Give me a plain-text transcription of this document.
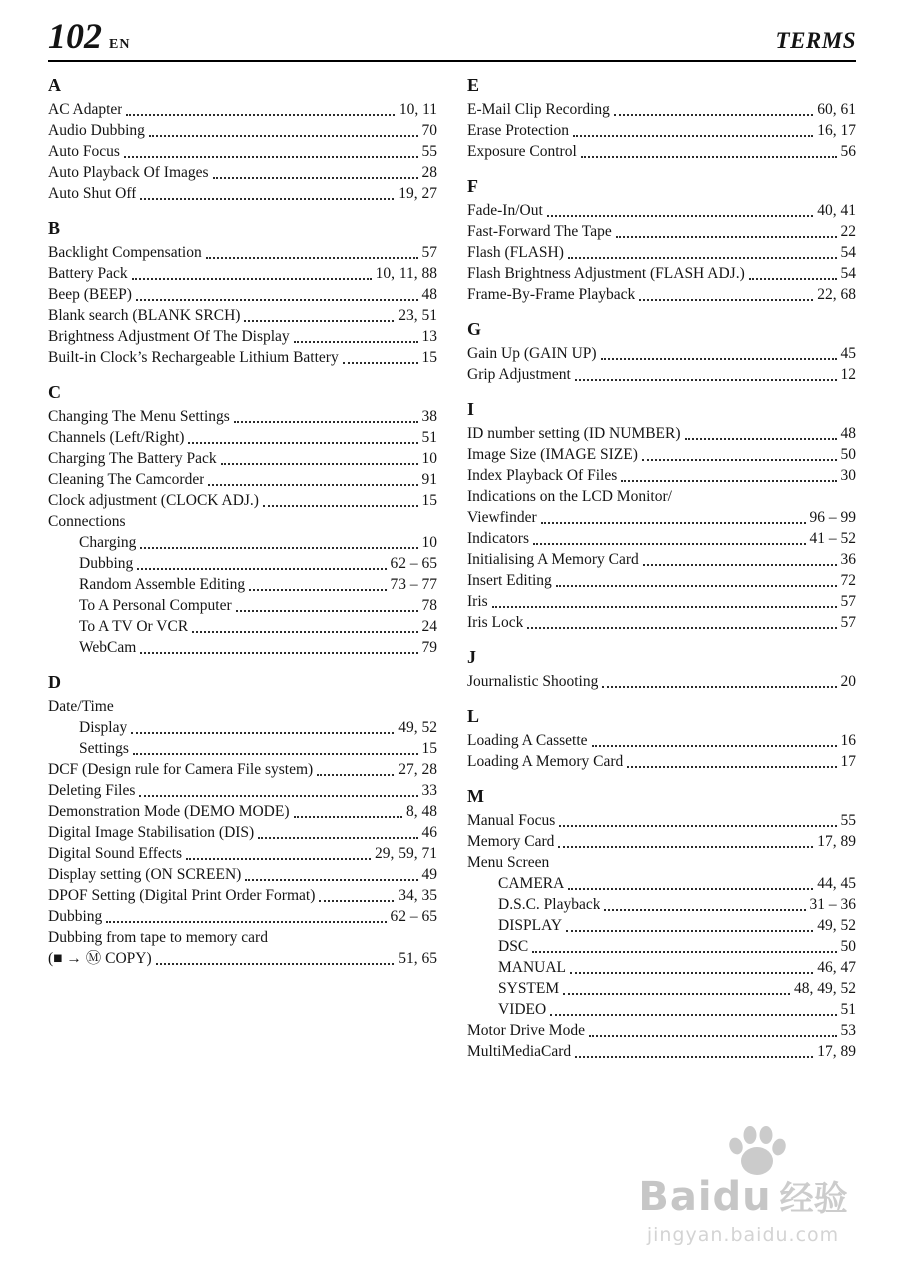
102 EN	TERMS
A
AC Adapter	10, 11
Audio Dubbing	70
Auto Focus	55
Auto Playback Of Images	28
Auto Shut Off	19, 27
B
Backlight Compensation	57
Battery Pack	10, 11, 88
Beep (BEEP)	48
Blank search (BLANK SRCH)	23, 51
Brightness Adjustment Of The Display	13
Built-in Clock’s Rechargeable Lithium Battery	15
C
Changing The Menu Settings	38
Channels (Left/Right)	51
Charging The Battery Pack	10
Cleaning The Camcorder	91
Clock adjustment (CLOCK ADJ.)	15
Connections
Charging	10
Dubbing	62 – 65
Random Assemble Editing	73 – 77
To A Personal Computer	78
To A TV Or VCR	24
WebCam	79
D
Date/Time
Display	49, 52
Settings	15
DCF (Design rule for Camera File system)	27, 28
Deleting Files	33
Demonstration Mode (DEMO MODE)	8, 48
Digital Image Stabilisation (DIS)	46
Digital Sound Effects	29, 59, 71
Display setting (ON SCREEN)	49
DPOF Setting (Digital Print Order Format)	34, 35
Dubbing	62 – 65
Dubbing from tape to memory card
(■ → Ⓜ COPY)	51, 65
E
E-Mail Clip Recording	60, 61
Erase Protection	16, 17
Exposure Control	56
F
Fade-In/Out	40, 41
Fast-Forward The Tape	22
Flash (FLASH)	54
Flash Brightness Adjustment (FLASH ADJ.)	54
Frame-By-Frame Playback	22, 68
G
Gain Up (GAIN UP)	45
Grip Adjustment	12
I
ID number setting (ID NUMBER)	48
Image Size (IMAGE SIZE)	50
Index Playback Of Files	30
Indications on the LCD Monitor/
Viewfinder	96 – 99
Indicators	41 – 52
Initialising A Memory Card	36
Insert Editing	72
Iris	57
Iris Lock	57
J
Journalistic Shooting	20
L
Loading A Cassette	16
Loading A Memory Card	17
M
Manual Focus	55
Memory Card	17, 89
Menu Screen
CAMERA	44, 45
D.S.C. Playback	31 – 36
DISPLAY	49, 52
DSC	50
MANUAL	46, 47
SYSTEM	48, 49, 52
VIDEO	51
Motor Drive Mode	53
MultiMediaCard	17, 89
Baidu 经验
jingyan.baidu.com
